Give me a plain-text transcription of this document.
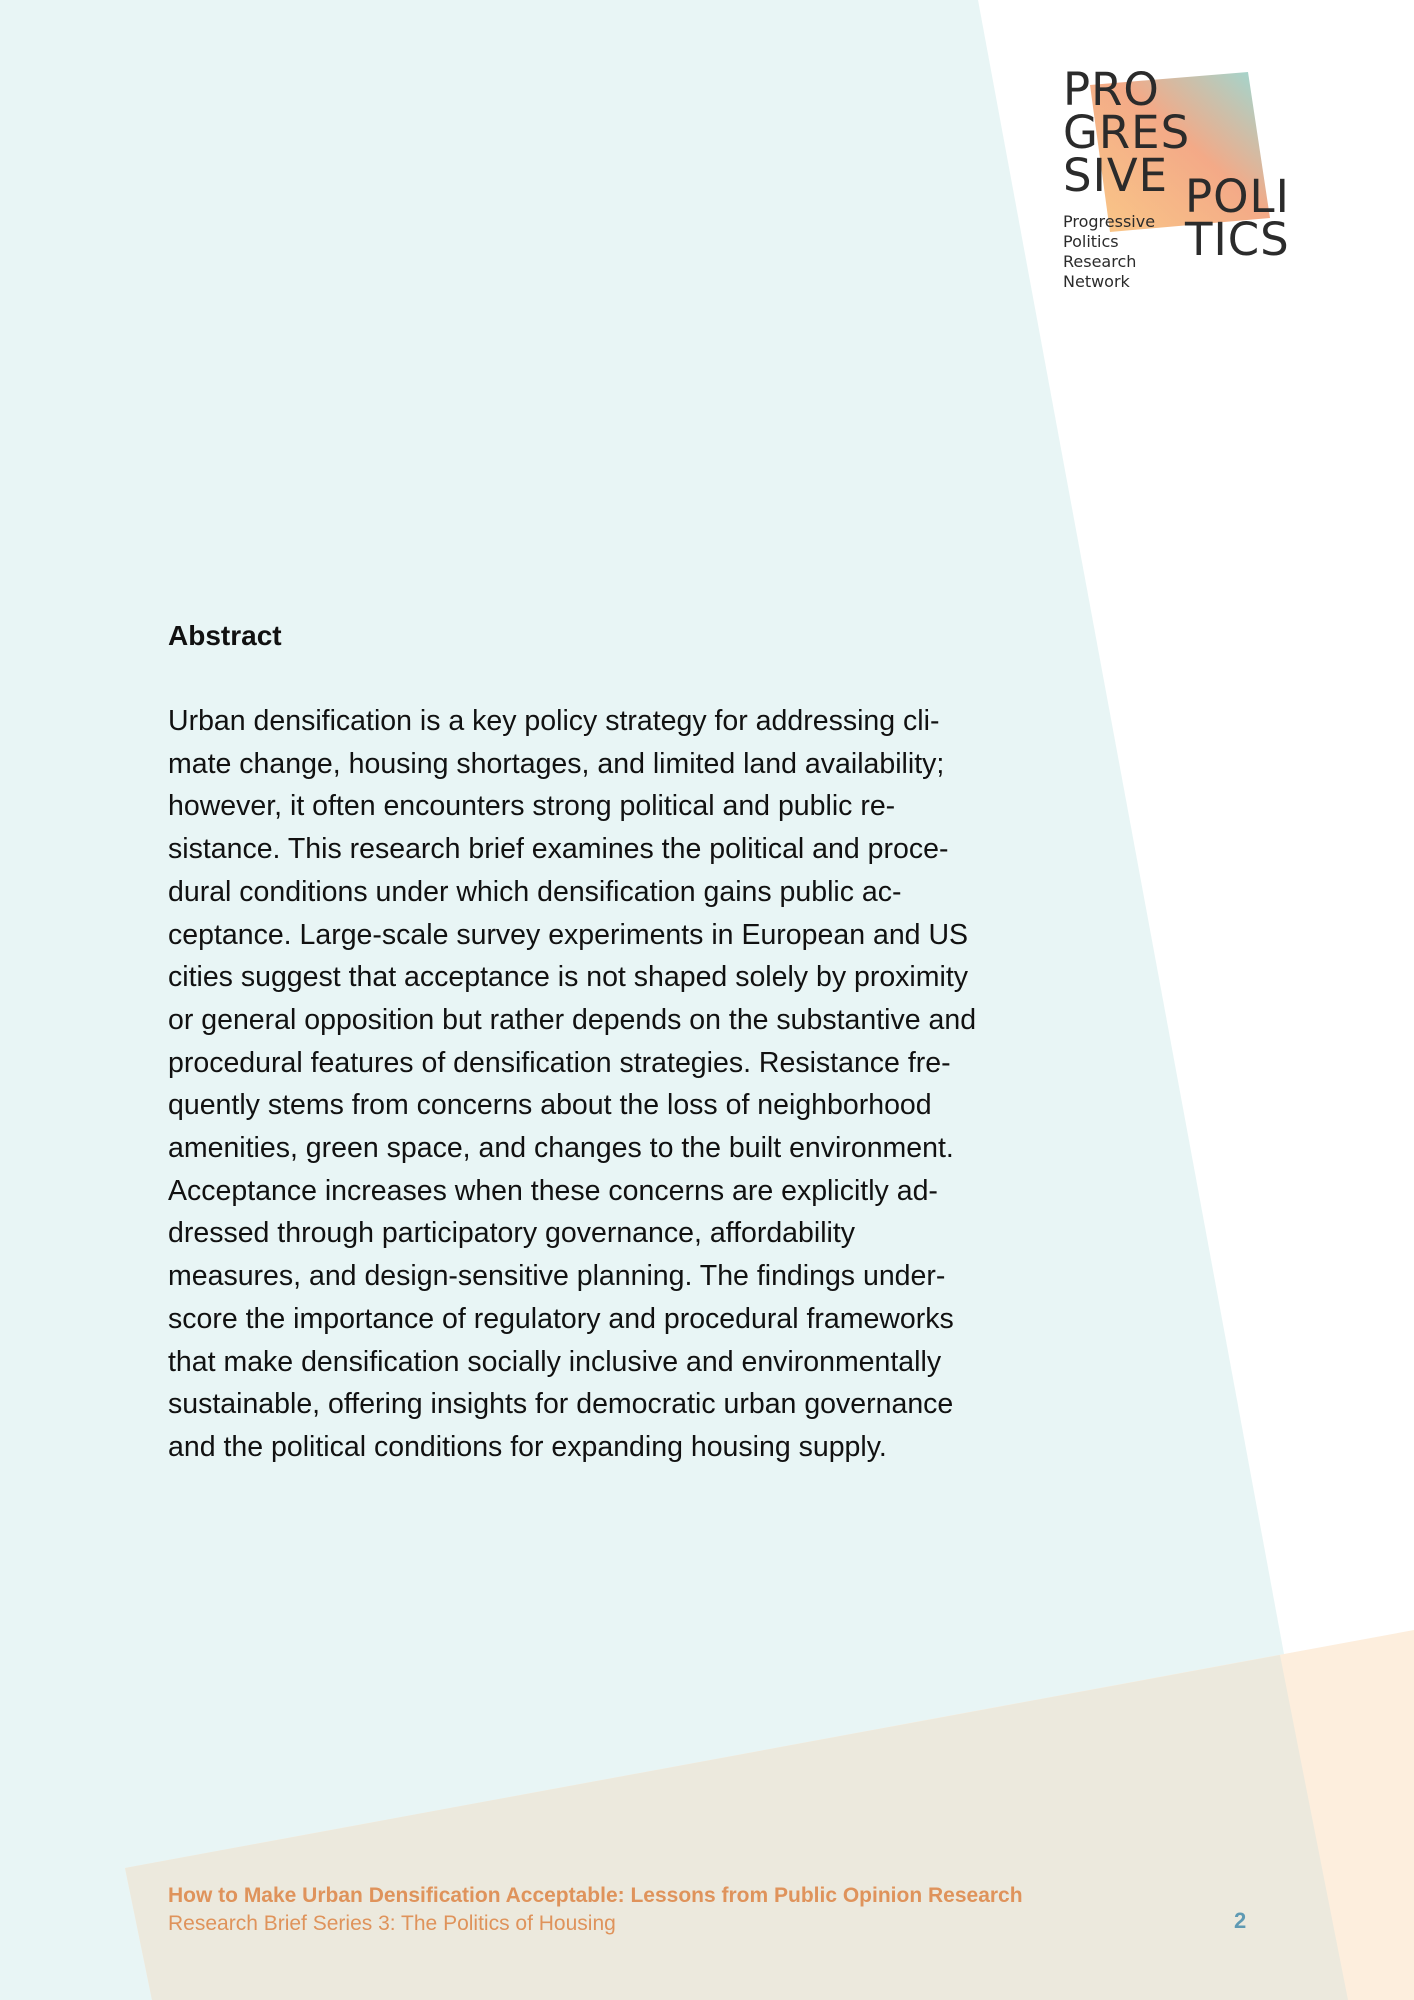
PRO
GRES
SIVE POLI
TICS
Progressive
Politics
Research
Network
Abstract
Urban densification is a key policy strategy for addressing cli-
mate change, housing shortages, and limited land availability;
however, it often encounters strong political and public re-
sistance. This research brief examines the political and proce-
dural conditions under which densification gains public ac-
ceptance. Large-scale survey experiments in European and US
cities suggest that acceptance is not shaped solely by proximity
or general opposition but rather depends on the substantive and
procedural features of densification strategies. Resistance fre-
quently stems from concerns about the loss of neighborhood
amenities, green space, and changes to the built environment.
Acceptance increases when these concerns are explicitly ad-
dressed through participatory governance, affordability
measures, and design-sensitive planning. The findings under-
score the importance of regulatory and procedural frameworks
that make densification socially inclusive and environmentally
sustainable, offering insights for democratic urban governance
and the political conditions for expanding housing supply.
How to Make Urban Densification Acceptable: Lessons from Public Opinion Research
Research Brief Series 3: The Politics of Housing	2
